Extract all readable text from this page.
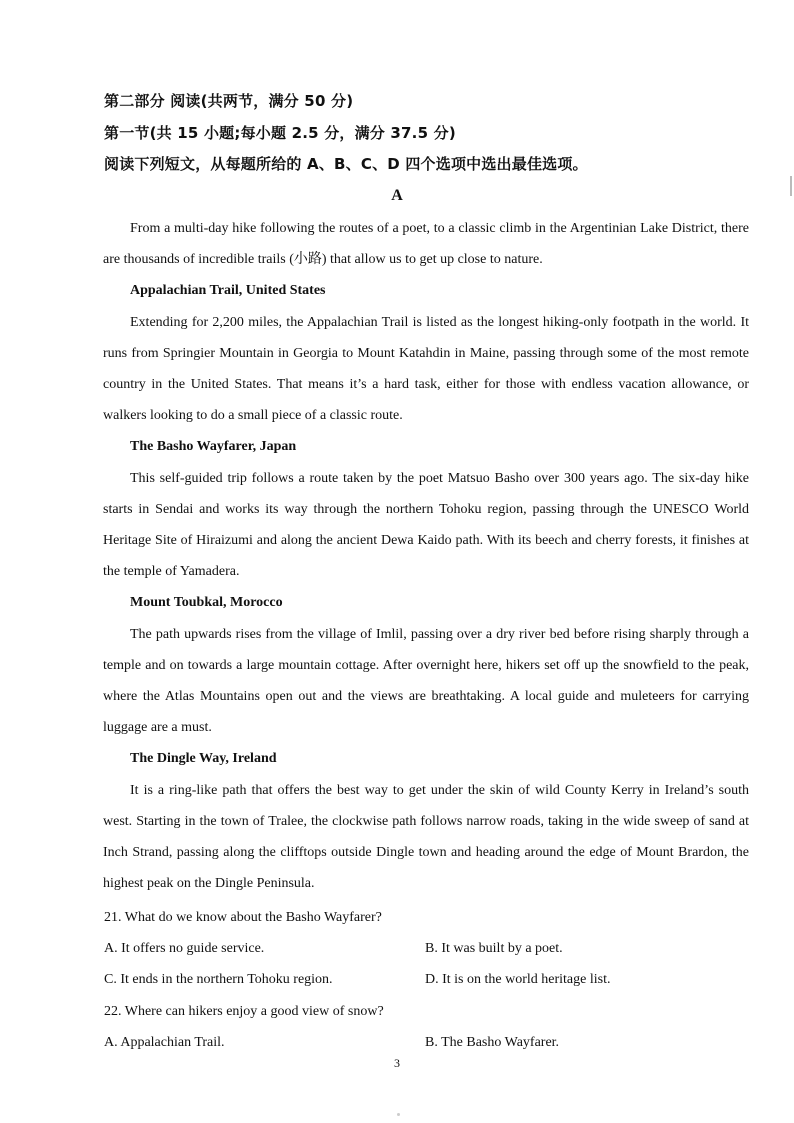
第二部分 阅读(共两节，满分 50 分)
第一节(共 15 小题;每小题 2.5 分，满分 37.5 分)
阅读下列短文，从每题所给的 A、B、C、D 四个选项中选出最佳选项。
A

From a multi-day hike following the routes of a poet, to a classic climb in the Argentinian Lake District, there are thousands of incredible trails (小路) that allow us to get up close to nature.

Appalachian Trail, United States

Extending for 2,200 miles, the Appalachian Trail is listed as the longest hiking-only footpath in the world. It runs from Springier Mountain in Georgia to Mount Katahdin in Maine, passing through some of the most remote country in the United States. That means it’s a hard task, either for those with endless vacation allowance, or walkers looking to do a small piece of a classic route.

The Basho Wayfarer, Japan

This self-guided trip follows a route taken by the poet Matsuo Basho over 300 years ago. The six-day hike starts in Sendai and works its way through the northern Tohoku region, passing through the UNESCO World Heritage Site of Hiraizumi and along the ancient Dewa Kaido path. With its beech and cherry forests, it finishes at the temple of Yamadera.

Mount Toubkal, Morocco

The path upwards rises from the village of Imlil, passing over a dry river bed before rising sharply through a temple and on towards a large mountain cottage. After overnight here, hikers set off up the snowfield to the peak, where the Atlas Mountains open out and the views are breathtaking. A local guide and muleteers for carrying luggage are a must.

The Dingle Way, Ireland

It is a ring-like path that offers the best way to get under the skin of wild County Kerry in Ireland’s south west. Starting in the town of Tralee, the clockwise path follows narrow roads, taking in the wide sweep of sand at Inch Strand, passing along the clifftops outside Dingle town and heading around the edge of Mount Brardon, the highest peak on the Dingle Peninsula.

21. What do we know about the Basho Wayfarer?

A. It offers no guide service.	B. It was built by a poet.
C. It ends in the northern Tohoku region.	D. It is on the world heritage list.

22. Where can hikers enjoy a good view of snow?

A. Appalachian Trail.	B. The Basho Wayfarer.
3
